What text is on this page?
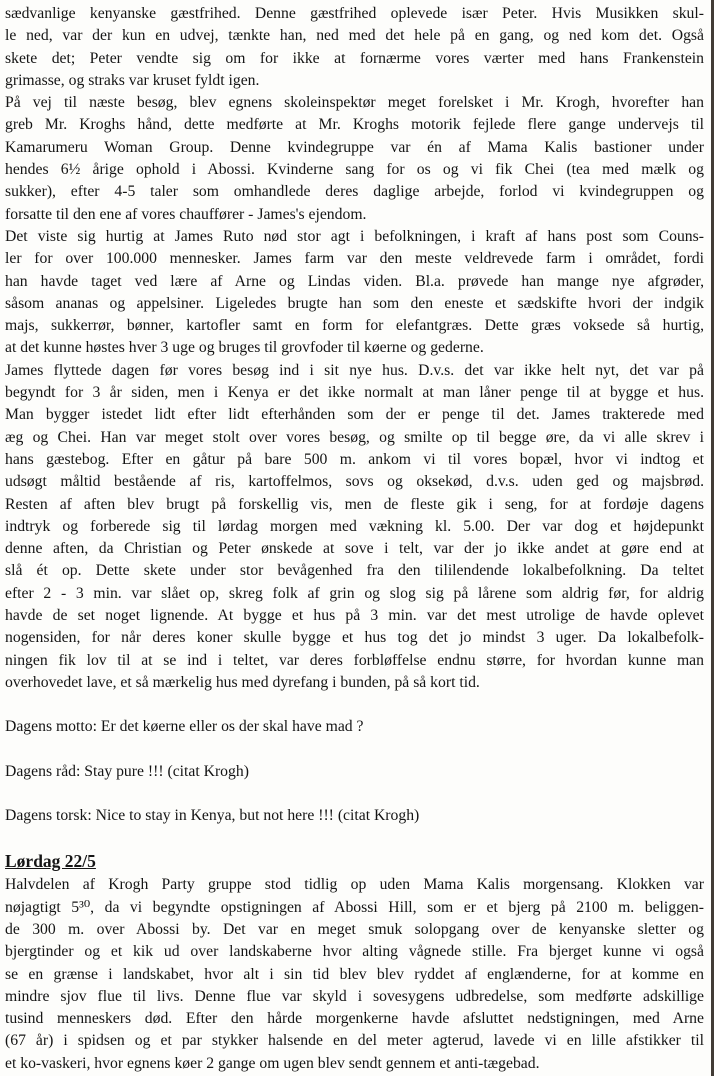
sædvanlige kenyanske gæstfrihed. Denne gæstfrihed oplevede især Peter. Hvis Musikken skul-
le ned, var der kun en udvej, tænkte han, ned med det hele på en gang, og ned kom det. Også
skete det; Peter vendte sig om for ikke at fornærme vores værter med hans Frankenstein
grimasse, og straks var kruset fyldt igen.
På vej til næste besøg, blev egnens skoleinspektør meget forelsket i Mr. Krogh, hvorefter han
greb Mr. Kroghs hånd, dette medførte at Mr. Kroghs motorik fejlede flere gange undervejs til
Kamarumeru Woman Group. Denne kvindegruppe var én af Mama Kalis bastioner under
hendes 6½ årige ophold i Abossi. Kvinderne sang for os og vi fik Chei (tea med mælk og
sukker), efter 4-5 taler som omhandlede deres daglige arbejde, forlod vi kvindegruppen og
forsatte til den ene af vores chauffører - James's ejendom.
Det viste sig hurtig at James Ruto nød stor agt i befolkningen, i kraft af hans post som Couns-
ler for over 100.000 mennesker. James farm var den meste veldrevede farm i området, fordi
han havde taget ved lære af Arne og Lindas viden. Bl.a. prøvede han mange nye afgrøder,
såsom ananas og appelsiner. Ligeledes brugte han som den eneste et sædskifte hvori der indgik
majs, sukkerrør, bønner, kartofler samt en form for elefantgræs. Dette græs voksede så hurtig,
at det kunne høstes hver 3 uge og bruges til grovfoder til køerne og gederne.
James flyttede dagen før vores besøg ind i sit nye hus. D.v.s. det var ikke helt nyt, det var på
begyndt for 3 år siden, men i Kenya er det ikke normalt at man låner penge til at bygge et hus.
Man bygger istedet lidt efter lidt efterhånden som der er penge til det. James trakterede med
æg og Chei. Han var meget stolt over vores besøg, og smilte op til begge øre, da vi alle skrev i
hans gæstebog. Efter en gåtur på bare 500 m. ankom vi til vores bopæl, hvor vi indtog et
udsøgt måltid bestående af ris, kartoffelmos, sovs og oksekød, d.v.s. uden ged og majsbrød.
Resten af aften blev brugt på forskellig vis, men de fleste gik i seng, for at fordøje dagens
indtryk og forberede sig til lørdag morgen med vækning kl. 5.00. Der var dog et højdepunkt
denne aften, da Christian og Peter ønskede at sove i telt, var der jo ikke andet at gøre end at
slå ét op. Dette skete under stor bevågenhed fra den tililendende lokalbefolkning. Da teltet
efter 2 - 3 min. var slået op, skreg folk af grin og slog sig på lårene som aldrig før, for aldrig
havde de set noget lignende. At bygge et hus på 3 min. var det mest utrolige de havde oplevet
nogensiden, for når deres koner skulle bygge et hus tog det jo mindst 3 uger. Da lokalbefolk-
ningen fik lov til at se ind i teltet, var deres forbløffelse endnu større, for hvordan kunne man
overhovedet lave, et så mærkelig hus med dyrefang i bunden, på så kort tid.
Dagens motto: Er det køerne eller os der skal have mad ?
Dagens råd: Stay pure !!! (citat Krogh)
Dagens torsk: Nice to stay in Kenya, but not here !!! (citat Krogh)
Lørdag 22/5
Halvdelen af Krogh Party gruppe stod tidlig op uden Mama Kalis morgensang. Klokken var
nøjagtigt 5³⁰, da vi begyndte opstigningen af Abossi Hill, som er et bjerg på 2100 m. beliggen-
de 300 m. over Abossi by. Det var en meget smuk solopgang over de kenyanske sletter og
bjergtinder og et kik ud over landskaberne hvor alting vågnede stille. Fra bjerget kunne vi også
se en grænse i landskabet, hvor alt i sin tid blev blev ryddet af englænderne, for at komme en
mindre sjov flue til livs. Denne flue var skyld i sovesygens udbredelse, som medførte adskillige
tusind menneskers død. Efter den hårde morgenkerne havde afsluttet nedstigningen, med Arne
(67 år) i spidsen og et par stykker halsende en del meter agterud, lavede vi en lille afstikker til
et ko-vaskeri, hvor egnens køer 2 gange om ugen blev sendt gennem et anti-tægebad.
